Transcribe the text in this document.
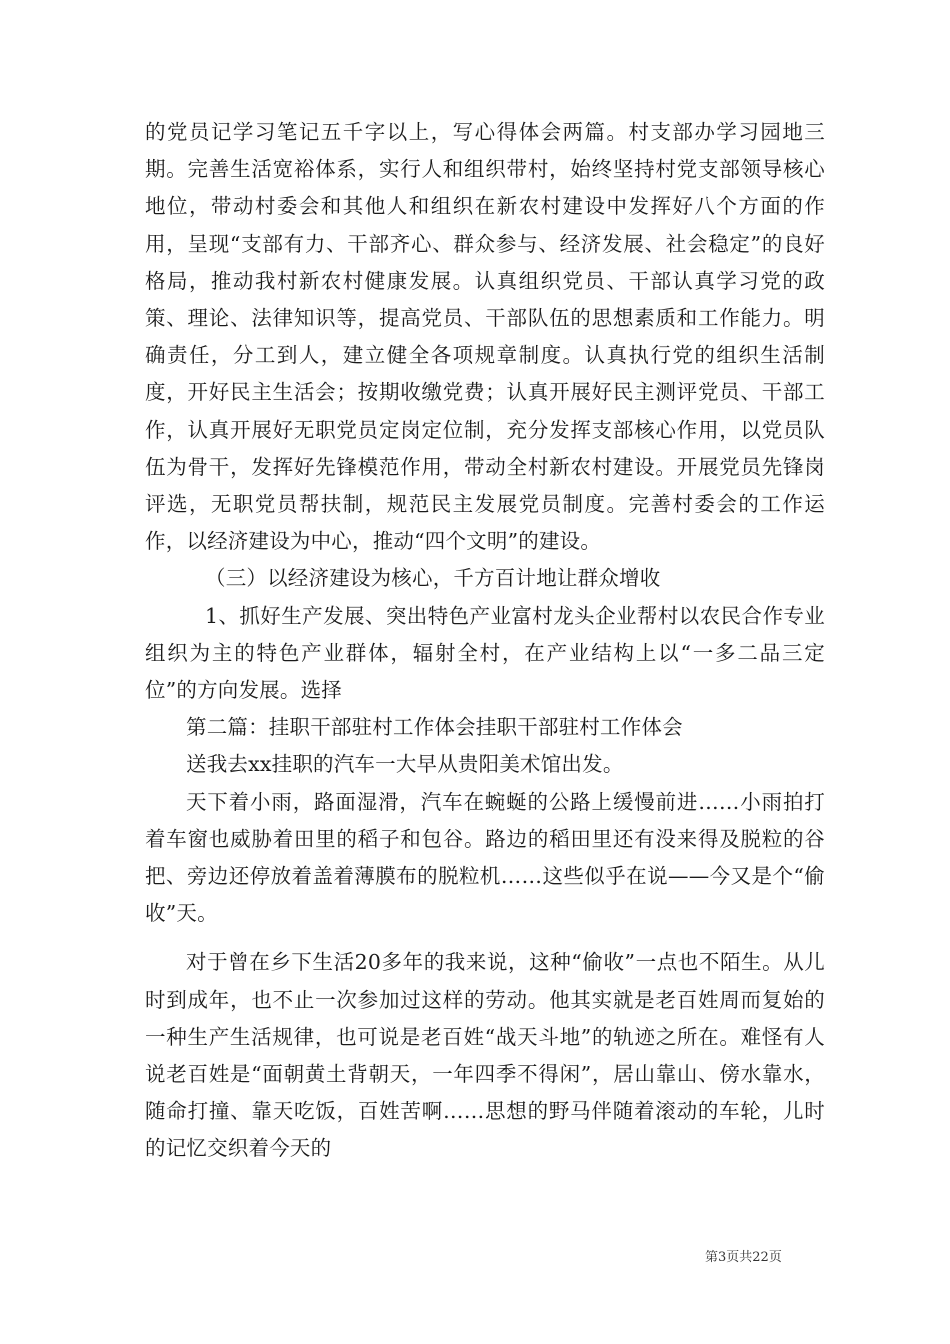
的党员记学习笔记五千字以上，写心得体会两篇。村支部办学习园地三期。完善生活宽裕体系，实行人和组织带村，始终坚持村党支部领导核心地位，带动村委会和其他人和组织在新农村建设中发挥好八个方面的作用，呈现“支部有力、干部齐心、群众参与、经济发展、社会稳定”的良好格局，推动我村新农村健康发展。认真组织党员、干部认真学习党的政策、理论、法律知识等，提高党员、干部队伍的思想素质和工作能力。明确责任，分工到人，建立健全各项规章制度。认真执行党的组织生活制度，开好民主生活会；按期收缴党费；认真开展好民主测评党员、干部工作，认真开展好无职党员定岗定位制，充分发挥支部核心作用，以党员队伍为骨干，发挥好先锋模范作用，带动全村新农村建设。开展党员先锋岗评选，无职党员帮扶制，规范民主发展党员制度。完善村委会的工作运作，以经济建设为中心，推动“四个文明”的建设。

（三）以经济建设为核心，千方百计地让群众增收

1、抓好生产发展、突出特色产业富村龙头企业帮村以农民合作专业组织为主的特色产业群体，辐射全村，在产业结构上以“一多二品三定位”的方向发展。选择

第二篇：挂职干部驻村工作体会挂职干部驻村工作体会

送我去xx挂职的汽车一大早从贵阳美术馆出发。

天下着小雨，路面湿滑，汽车在蜿蜒的公路上缓慢前进……小雨拍打着车窗也威胁着田里的稻子和包谷。路边的稻田里还有没来得及脱粒的谷把、旁边还停放着盖着薄膜布的脱粒机……这些似乎在说——今又是个“偷收”天。

对于曾在乡下生活20多年的我来说，这种“偷收”一点也不陌生。从儿时到成年，也不止一次参加过这样的劳动。他其实就是老百姓周而复始的一种生产生活规律，也可说是老百姓“战天斗地”的轨迹之所在。难怪有人说老百姓是“面朝黄土背朝天，一年四季不得闲”，居山靠山、傍水靠水，随命打撞、靠天吃饭，百姓苦啊……思想的野马伴随着滚动的车轮，儿时的记忆交织着今天的

第3页共22页
